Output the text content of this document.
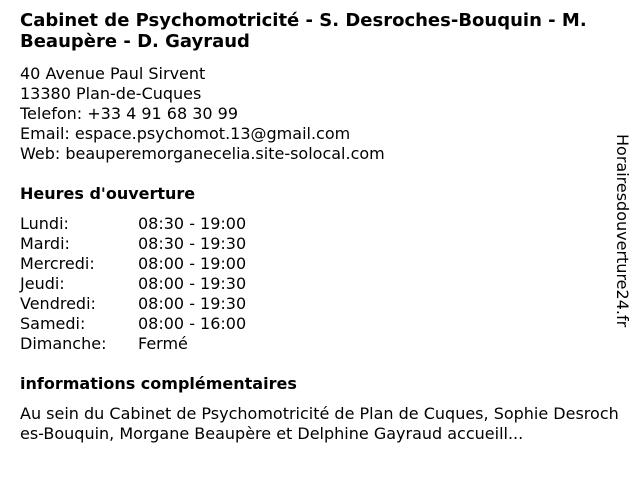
Cabinet de Psychomotricité - S. Desroches-Bouquin - M. Beaupère - D. Gayraud
40 Avenue Paul Sirvent
13380 Plan-de-Cuques
Telefon: +33 4 91 68 30 99
Email: espace.psychomot.13@gmail.com
Web: beauperemorganecelia.site-solocal.com
Heures d'ouverture
Lundi:	08:30 - 19:00
Mardi:	08:30 - 19:30
Mercredi:	08:00 - 19:00
Jeudi:	08:00 - 19:30
Vendredi:	08:00 - 19:30
Samedi:	08:00 - 16:00
Dimanche: Fermé
informations complémentaires
Au sein du Cabinet de Psychomotricité de Plan de Cuques, Sophie Desroches-Bouquin, Morgane Beaupère et Delphine Gayraud accueill...
Horairesdouverture24.fr
